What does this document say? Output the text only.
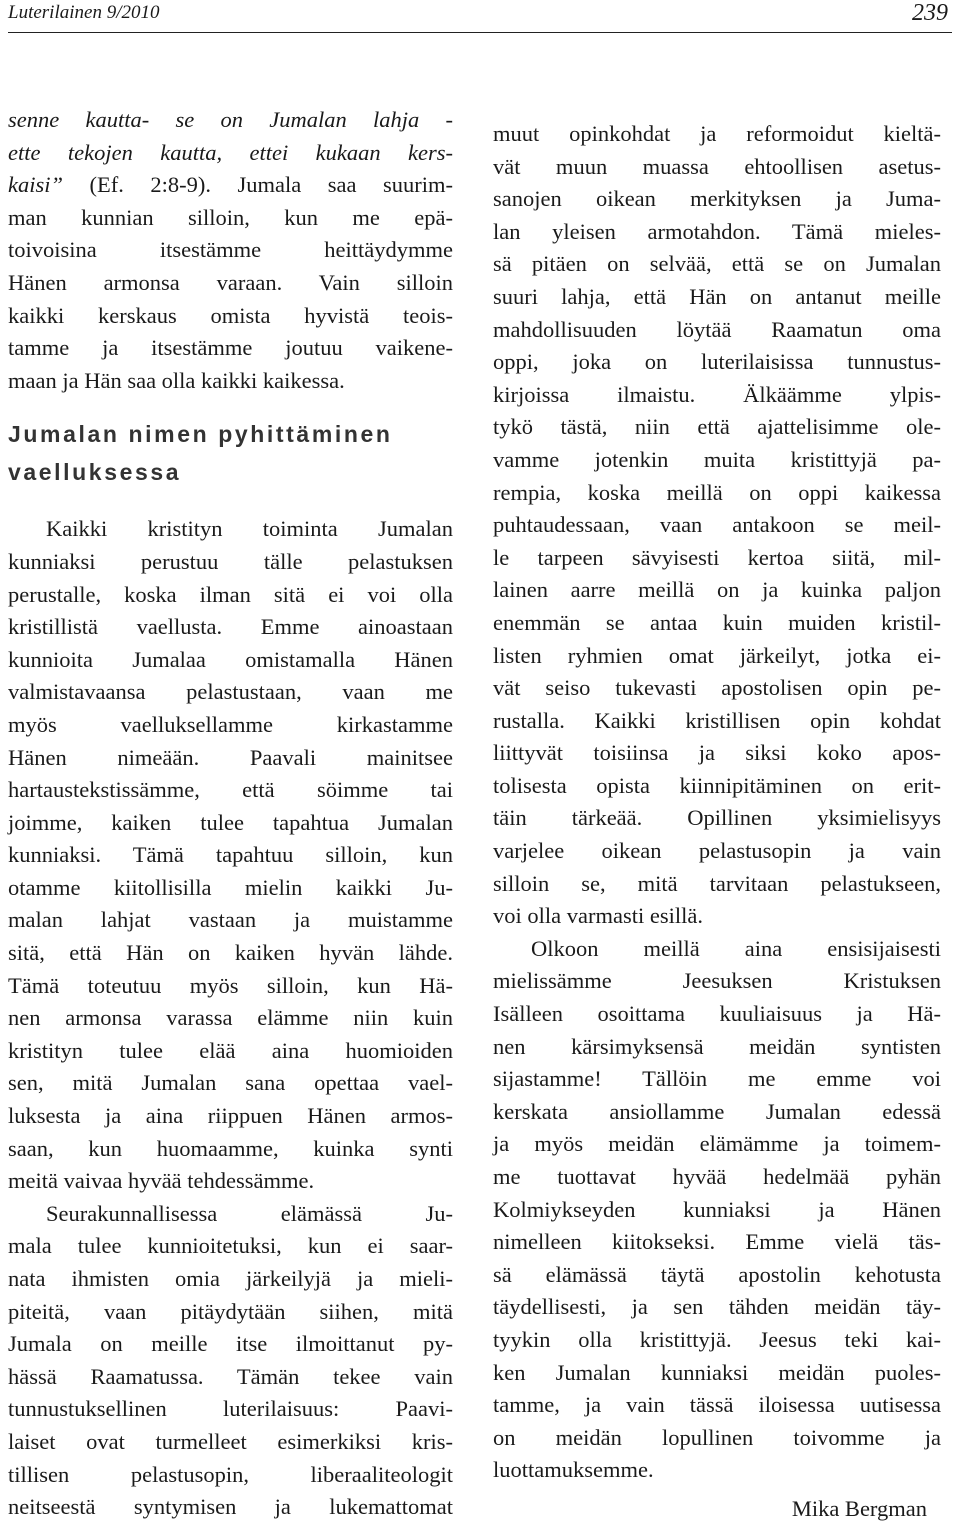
Luterilainen 9/2010	239
senne kautta- se on Jumalan lahja -
ette tekojen kautta, ettei kukaan kers-
kaisi” (Ef. 2:8-9). Jumala saa suurim-
man kunnian silloin, kun me epä-
toivoisina itsestämme heittäydymme
Hänen armonsa varaan. Vain silloin
kaikki kerskaus omista hyvistä teois-
tamme ja itsestämme joutuu vaikene-
maan ja Hän saa olla kaikki kaikessa.
Jumalan nimen pyhittäminen
vaelluksessa
Kaikki kristityn toiminta Jumalan
kunniaksi perustuu tälle pelastuksen
perustalle, koska ilman sitä ei voi olla
kristillistä vaellusta. Emme ainoastaan
kunnioita Jumalaa omistamalla Hänen
valmistavaansa pelastustaan, vaan me
myös vaelluksellamme kirkastamme
Hänen nimeään. Paavali mainitsee
hartaustekstissämme, että söimme tai
joimme, kaiken tulee tapahtua Jumalan
kunniaksi. Tämä tapahtuu silloin, kun
otamme kiitollisilla mielin kaikki Ju-
malan lahjat vastaan ja muistamme
sitä, että Hän on kaiken hyvän lähde.
Tämä toteutuu myös silloin, kun Hä-
nen armonsa varassa elämme niin kuin
kristityn tulee elää aina huomioiden
sen, mitä Jumalan sana opettaa vael-
luksesta ja aina riippuen Hänen armos-
saan, kun huomaamme, kuinka synti
meitä vaivaa hyvää tehdessämme.
Seurakunnallisessa elämässä Ju-
mala tulee kunnioitetuksi, kun ei saar-
nata ihmisten omia järkeilyjä ja mieli-
piteitä, vaan pitäydytään siihen, mitä
Jumala on meille itse ilmoittanut py-
hässä Raamatussa. Tämän tekee vain
tunnustuksellinen luterilaisuus: Paavi-
laiset ovat turmelleet esimerkiksi kris-
tillisen pelastusopin, liberaaliteologit
neitseestä syntymisen ja lukemattomat
muut opinkohdat ja reformoidut kieltä-
vät muun muassa ehtoollisen asetus-
sanojen oikean merkityksen ja Juma-
lan yleisen armotahdon. Tämä mieles-
sä pitäen on selvää, että se on Jumalan
suuri lahja, että Hän on antanut meille
mahdollisuuden löytää Raamatun oma
oppi, joka on luterilaisissa tunnustus-
kirjoissa ilmaistu. Älkäämme ylpis-
tykö tästä, niin että ajattelisimme ole-
vamme jotenkin muita kristittyjä pa-
rempia, koska meillä on oppi kaikessa
puhtaudessaan, vaan antakoon se meil-
le tarpeen sävyisesti kertoa siitä, mil-
lainen aarre meillä on ja kuinka paljon
enemmän se antaa kuin muiden kristil-
listen ryhmien omat järkeilyt, jotka ei-
vät seiso tukevasti apostolisen opin pe-
rustalla. Kaikki kristillisen opin kohdat
liittyvät toisiinsa ja siksi koko apos-
tolisesta opista kiinnipitäminen on erit-
täin tärkeää. Opillinen yksimielisyys
varjelee oikean pelastusopin ja vain
silloin se, mitä tarvitaan pelastukseen,
voi olla varmasti esillä.
Olkoon meillä aina ensisijaisesti
mielissämme Jeesuksen Kristuksen
Isälleen osoittama kuuliaisuus ja Hä-
nen kärsimyksensä meidän syntisten
sijastamme! Tällöin me emme voi
kerskata ansiollamme Jumalan edessä
ja myös meidän elämämme ja toimem-
me tuottavat hyvää hedelmää pyhän
Kolmiykseyden kunniaksi ja Hänen
nimelleen kiitokseksi. Emme vielä täs-
sä elämässä täytä apostolin kehotusta
täydellisesti, ja sen tähden meidän täy-
tyykin olla kristittyjä. Jeesus teki kai-
ken Jumalan kunniaksi meidän puoles-
tamme, ja vain tässä iloisessa uutisessa
on meidän lopullinen toivomme ja
luottamuksemme.
Mika Bergman
